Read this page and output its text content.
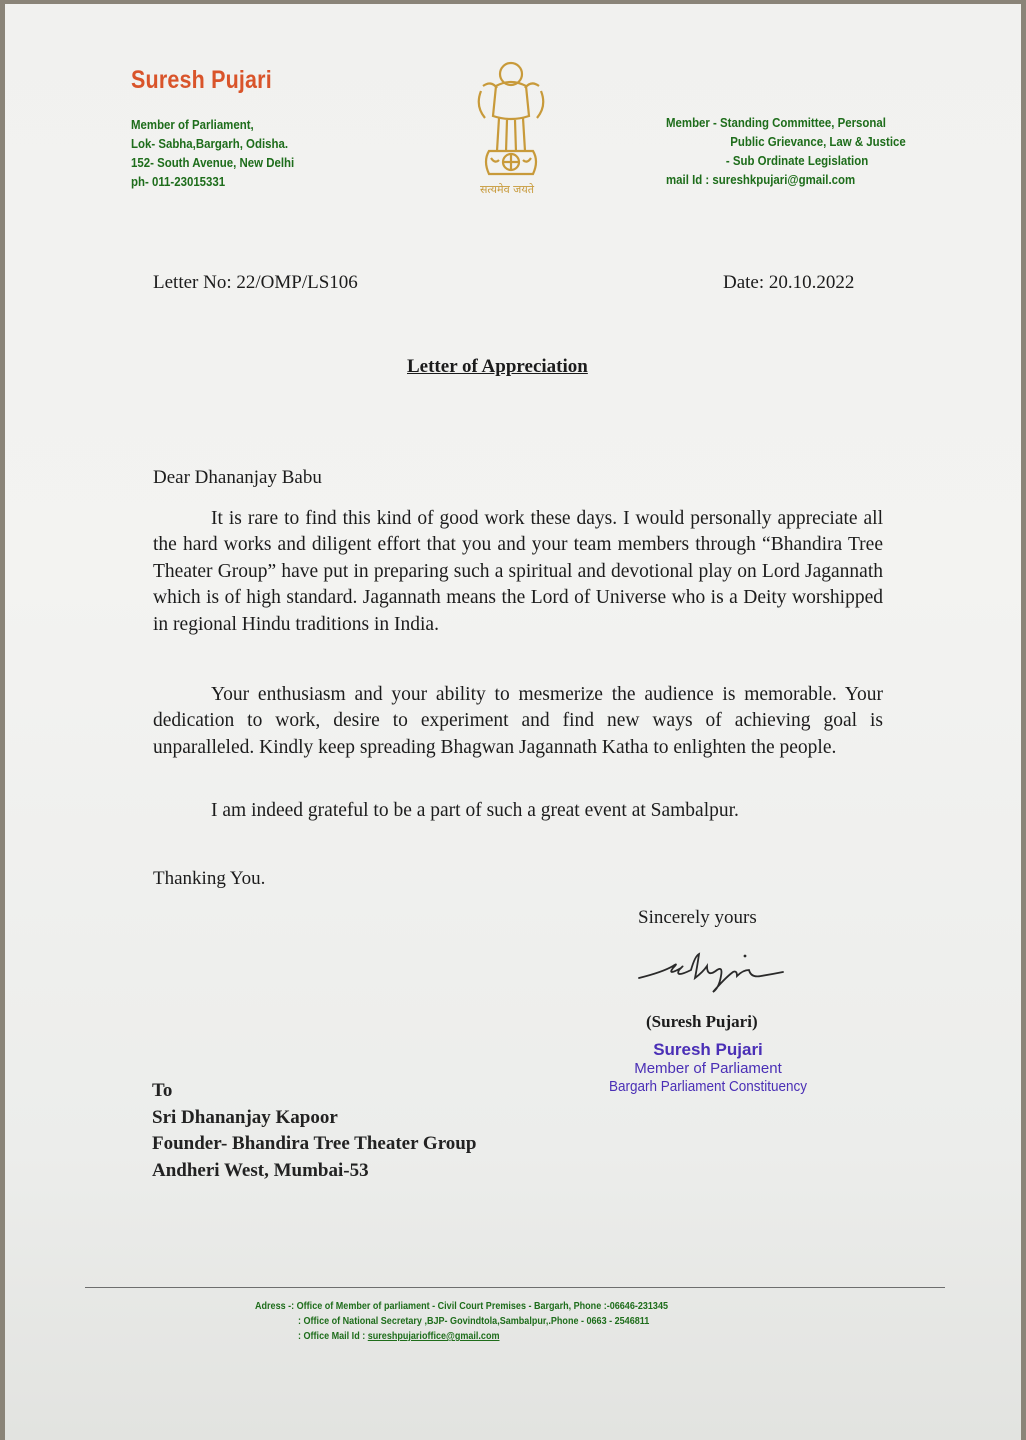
Suresh Pujari
Member of Parliament,
Lok- Sabha,Bargarh, Odisha.
152- South Avenue, New Delhi
ph- 011-23015331
सत्यमेव जयते
Member - Standing Committee, Personal
Public Grievance, Law & Justice
- Sub Ordinate Legislation
mail Id : sureshkpujari@gmail.com
Letter No: 22/OMP/LS106	Date: 20.10.2022
Letter of Appreciation
Dear Dhananjay Babu

It is rare to find this kind of good work these days. I would personally appreciate all the hard works and diligent effort that you and your team members through “Bhandira Tree Theater Group” have put in preparing such a spiritual and devotional play on Lord Jagannath which is of high standard. Jagannath means the Lord of Universe who is a Deity worshipped in regional Hindu traditions in India.

Your enthusiasm and your ability to mesmerize the audience is memorable. Your dedication to work, desire to experiment and find new ways of achieving goal is unparalleled. Kindly keep spreading Bhagwan Jagannath Katha to enlighten the people.

I am indeed grateful to be a part of such a great event at Sambalpur.

Thanking You.
Sincerely yours
(Suresh Pujari)
Suresh Pujari
Member of Parliament
Bargarh Parliament Constituency
To
Sri Dhananjay Kapoor
Founder- Bhandira Tree Theater Group
Andheri West, Mumbai-53
Adress -: Office of Member of parliament - Civil Court Premises - Bargarh, Phone :-06646-231345
: Office of National Secretary ,BJP- Govindtola,Sambalpur,.Phone - 0663 - 2546811
: Office Mail Id : sureshpujarioffice@gmail.com
